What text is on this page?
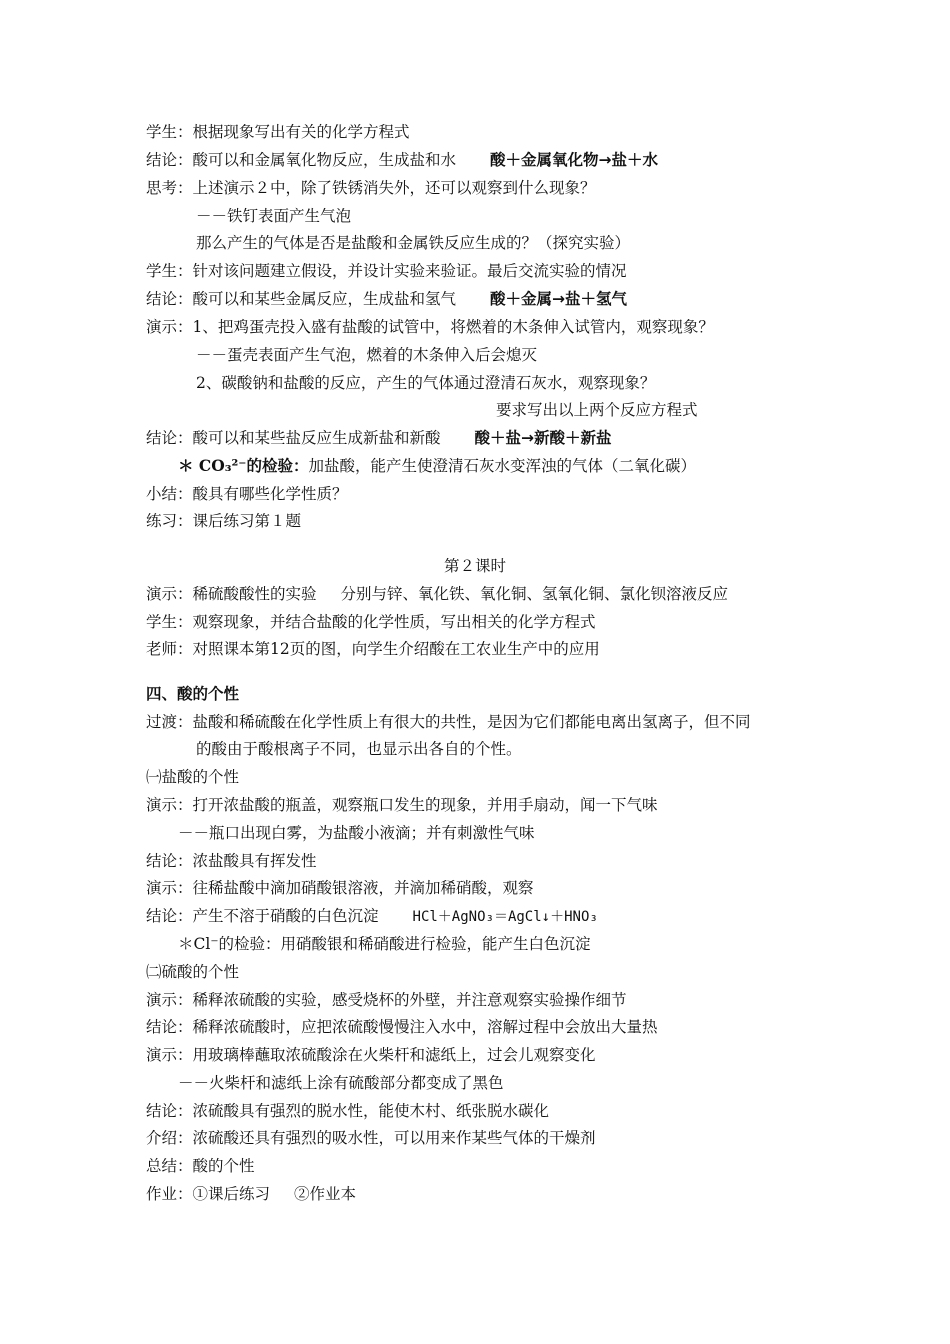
学生：根据现象写出有关的化学方程式
结论：酸可以和金属氧化物反应，生成盐和水 酸＋金属氧化物→盐＋水
思考：上述演示２中，除了铁锈消失外，还可以观察到什么现象？
－－铁钉表面产生气泡
那么产生的气体是否是盐酸和金属铁反应生成的？（探究实验）
学生：针对该问题建立假设，并设计实验来验证。最后交流实验的情况
结论：酸可以和某些金属反应，生成盐和氢气 酸＋金属→盐＋氢气
演示：1、把鸡蛋壳投入盛有盐酸的试管中，将燃着的木条伸入试管内，观察现象？
－－蛋壳表面产生气泡，燃着的木条伸入后会熄灭
2、碳酸钠和盐酸的反应，产生的气体通过澄清石灰水，观察现象？
要求写出以上两个反应方程式
结论：酸可以和某些盐反应生成新盐和新酸 酸＋盐→新酸＋新盐
＊ CO₃²⁻的检验：加盐酸，能产生使澄清石灰水变浑浊的气体（二氧化碳）
小结：酸具有哪些化学性质？
练习：课后练习第１题
第２课时
演示：稀硫酸酸性的实验 分别与锌、氧化铁、氧化铜、氢氧化铜、氯化钡溶液反应
学生：观察现象，并结合盐酸的化学性质，写出相关的化学方程式
老师：对照课本第12页的图，向学生介绍酸在工农业生产中的应用
四、酸的个性
过渡：盐酸和稀硫酸在化学性质上有很大的共性，是因为它们都能电离出氢离子，但不同
的酸由于酸根离子不同，也显示出各自的个性。
㈠盐酸的个性
演示：打开浓盐酸的瓶盖，观察瓶口发生的现象，并用手扇动，闻一下气味
－－瓶口出现白雾，为盐酸小液滴；并有刺激性气味
结论：浓盐酸具有挥发性
演示：往稀盐酸中滴加硝酸银溶液，并滴加稀硝酸，观察
结论：产生不溶于硝酸的白色沉淀 HCl＋AgNO₃＝AgCl↓＋HNO₃
＊Cl⁻的检验：用硝酸银和稀硝酸进行检验，能产生白色沉淀
㈡硫酸的个性
演示：稀释浓硫酸的实验，感受烧杯的外壁，并注意观察实验操作细节
结论：稀释浓硫酸时，应把浓硫酸慢慢注入水中，溶解过程中会放出大量热
演示：用玻璃棒蘸取浓硫酸涂在火柴杆和滤纸上，过会儿观察变化
－－火柴杆和滤纸上涂有硫酸部分都变成了黑色
结论：浓硫酸具有强烈的脱水性，能使木村、纸张脱水碳化
介绍：浓硫酸还具有强烈的吸水性，可以用来作某些气体的干燥剂
总结：酸的个性
作业：①课后练习 ②作业本
